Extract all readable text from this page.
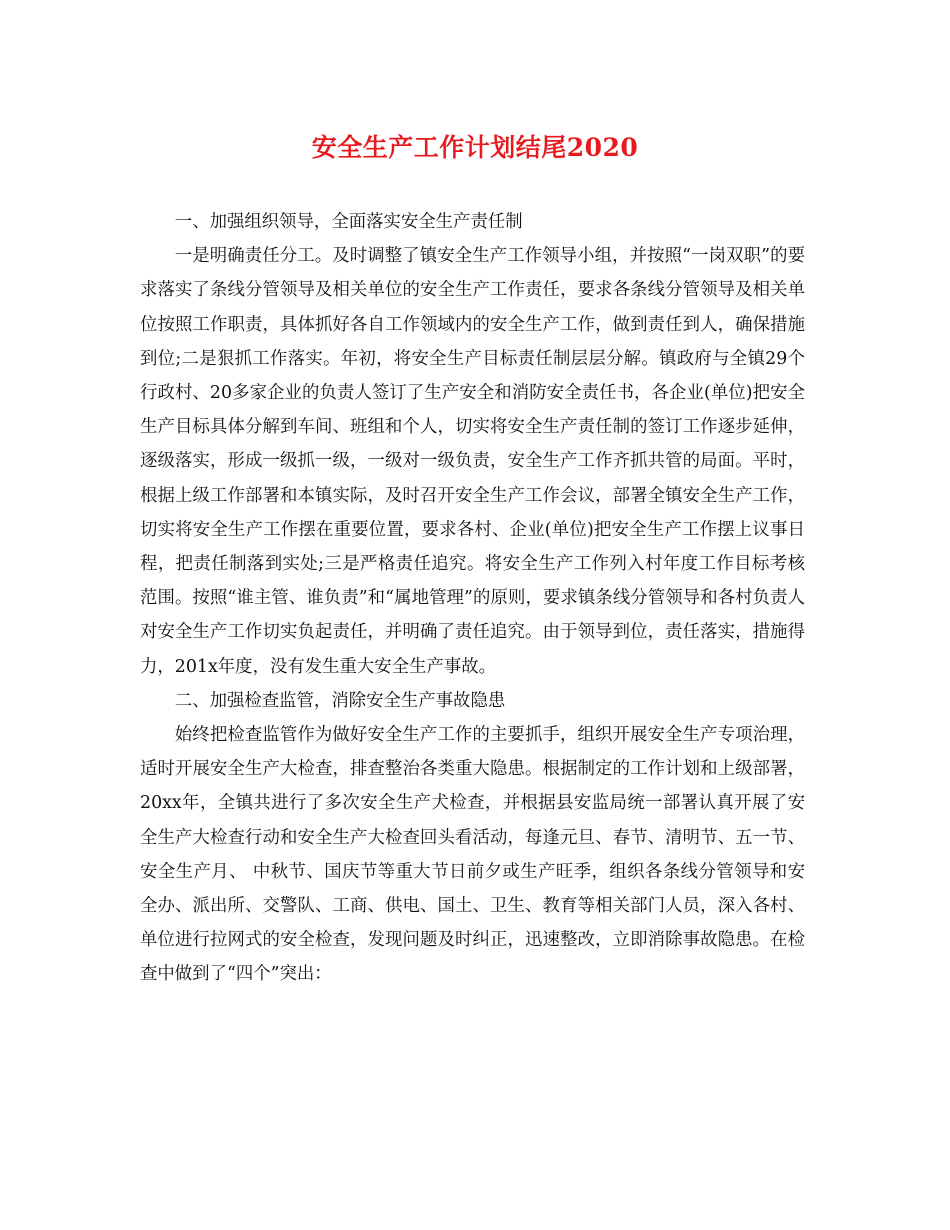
安全生产工作计划结尾2020

一、加强组织领导，全面落实安全生产责任制

一是明确责任分工。及时调整了镇安全生产工作领导小组，并按照“一岗双职”的要求落实了条线分管领导及相关单位的安全生产工作责任，要求各条线分管领导及相关单位按照工作职责，具体抓好各自工作领域内的安全生产工作，做到责任到人，确保措施到位;二是狠抓工作落实。年初，将安全生产目标责任制层层分解。镇政府与全镇29个行政村、20多家企业的负责人签订了生产安全和消防安全责任书，各企业(单位)把安全生产目标具体分解到车间、班组和个人，切实将安全生产责任制的签订工作逐步延伸，逐级落实，形成一级抓一级，一级对一级负责，安全生产工作齐抓共管的局面。平时，根据上级工作部署和本镇实际，及时召开安全生产工作会议，部署全镇安全生产工作，切实将安全生产工作摆在重要位置，要求各村、企业(单位)把安全生产工作摆上议事日程，把责任制落到实处;三是严格责任追究。将安全生产工作列入村年度工作目标考核范围。按照“谁主管、谁负责”和“属地管理”的原则，要求镇条线分管领导和各村负责人对安全生产工作切实负起责任，并明确了责任追究。由于领导到位，责任落实，措施得力，201x年度，没有发生重大安全生产事故。

二、加强检查监管，消除安全生产事故隐患

始终把检查监管作为做好安全生产工作的主要抓手，组织开展安全生产专项治理，适时开展安全生产大检查，排查整治各类重大隐患。根据制定的工作计划和上级部署，20xx年，全镇共进行了多次安全生产犬检查，并根据县安监局统一部署认真开展了安全生产大检查行动和安全生产大检查回头看活动，每逢元旦、春节、清明节、五一节、安全生产月、 中秋节、国庆节等重大节日前夕或生产旺季，组织各条线分管领导和安全办、派出所、交警队、工商、供电、国土、卫生、教育等相关部门人员，深入各村、单位进行拉网式的安全检查，发现问题及时纠正，迅速整改，立即消除事故隐患。在检查中做到了“四个”突出：
